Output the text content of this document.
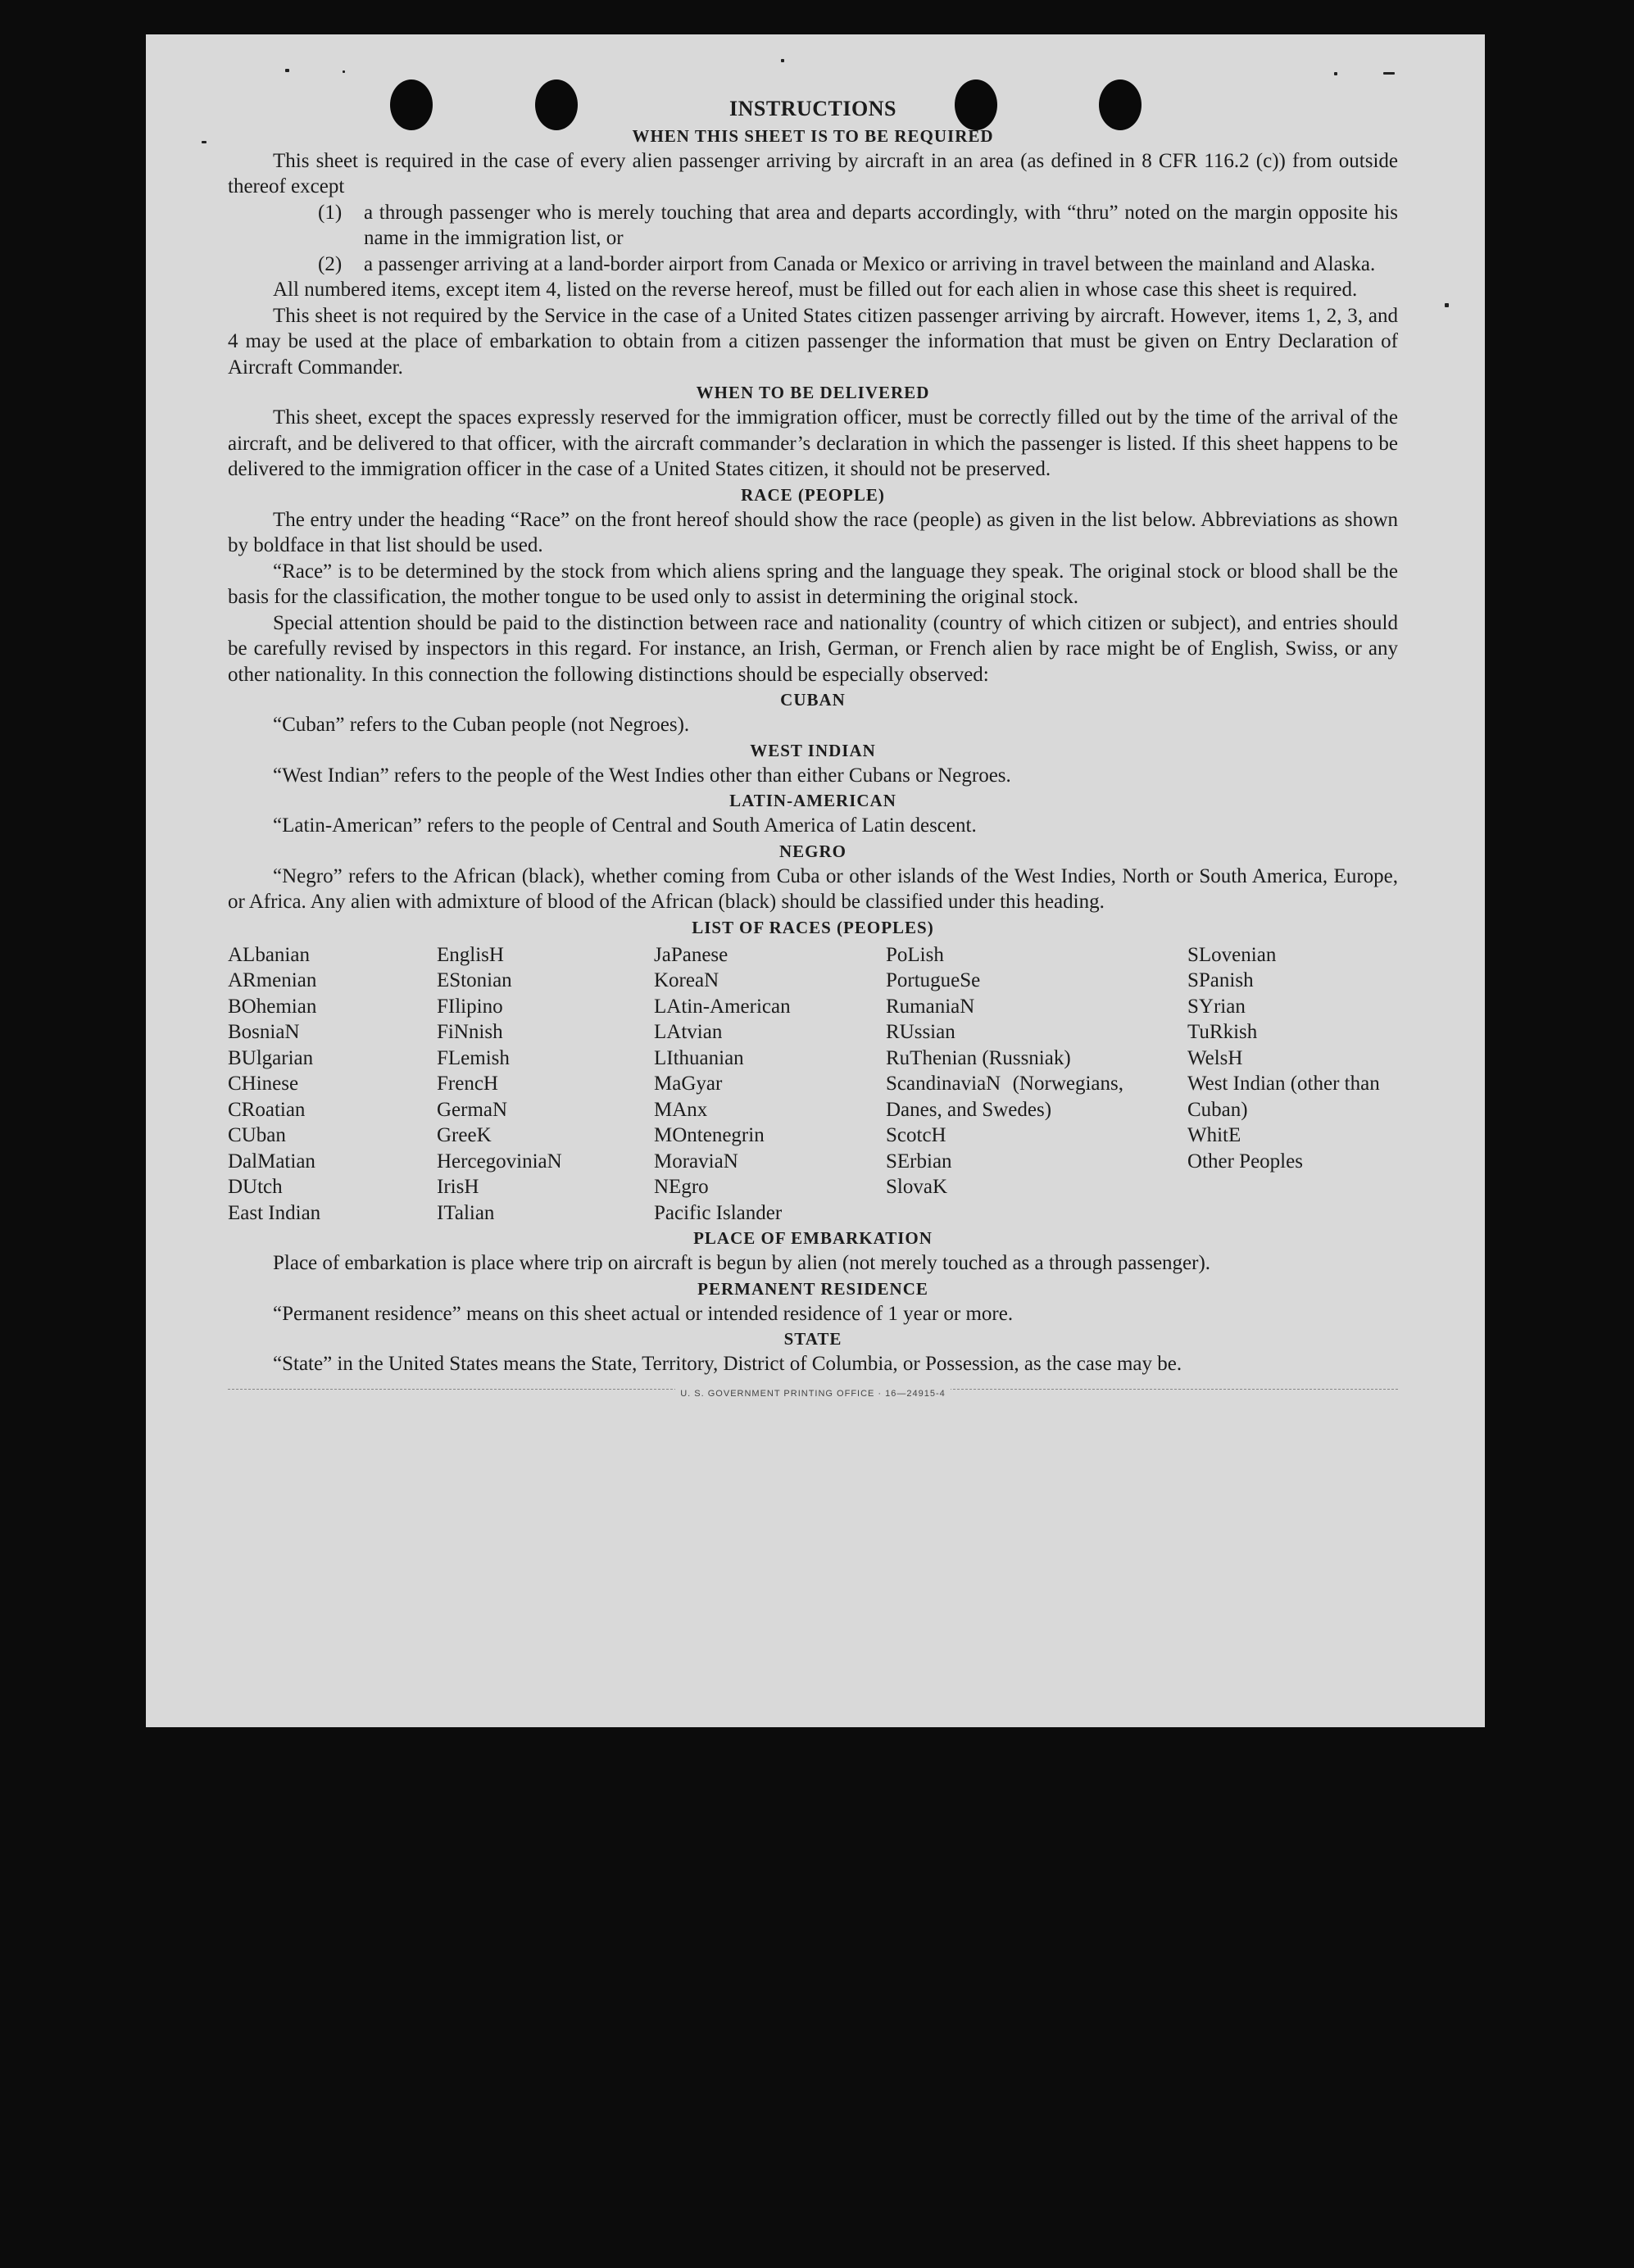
INSTRUCTIONS
WHEN THIS SHEET IS TO BE REQUIRED

This sheet is required in the case of every alien passenger arriving by aircraft in an area (as defined in 8 CFR 116.2 (c)) from outside thereof except

(1)	a through passenger who is merely touching that area and departs accordingly, with “thru” noted on the margin opposite his name in the immigration list, or
(2)	a passenger arriving at a land-border airport from Canada or Mexico or arriving in travel between the mainland and Alaska.

All numbered items, except item 4, listed on the reverse hereof, must be filled out for each alien in whose case this sheet is required.

This sheet is not required by the Service in the case of a United States citizen passenger arriving by aircraft. However, items 1, 2, 3, and 4 may be used at the place of embarkation to obtain from a citizen passenger the information that must be given on Entry Declaration of Aircraft Commander.

WHEN TO BE DELIVERED

This sheet, except the spaces expressly reserved for the immigration officer, must be correctly filled out by the time of the arrival of the aircraft, and be delivered to that officer, with the aircraft commander’s declaration in which the passenger is listed. If this sheet happens to be delivered to the immigration officer in the case of a United States citizen, it should not be preserved.

RACE (PEOPLE)

The entry under the heading “Race” on the front hereof should show the race (people) as given in the list below. Abbreviations as shown by boldface in that list should be used.

“Race” is to be determined by the stock from which aliens spring and the language they speak. The original stock or blood shall be the basis for the classification, the mother tongue to be used only to assist in determining the original stock.

Special attention should be paid to the distinction between race and nationality (country of which citizen or subject), and entries should be carefully revised by inspectors in this regard. For instance, an Irish, German, or French alien by race might be of English, Swiss, or any other nationality. In this connection the following distinctions should be especially observed:

CUBAN

“Cuban” refers to the Cuban people (not Negroes).

WEST INDIAN

“West Indian” refers to the people of the West Indies other than either Cubans or Negroes.

LATIN-AMERICAN

“Latin-American” refers to the people of Central and South America of Latin descent.

NEGRO

“Negro” refers to the African (black), whether coming from Cuba or other islands of the West Indies, North or South America, Europe, or Africa. Any alien with admixture of blood of the African (black) should be classified under this heading.

LIST OF RACES (PEOPLES)
ALbanian
ARmenian
BOhemian
BosniaN
BUlgarian
CHinese
CRoatian
CUban
DalMatian
DUtch
East Indian
EnglisH
EStonian
FIlipino
FiNnish
FLemish
FrencH
GermaN
GreeK
HercegoviniaN
IrisH
ITalian
JaPanese
KoreaN
LAtin-American
LAtvian
LIthuanian
MaGyar
MAnx
MOntenegrin
MoraviaN
NEgro
Pacific Islander
PoLish
PortugueSe
RumaniaN
RUssian
RuThenian (Russniak)
ScandinaviaN (Norwegians, Danes, and Swedes)
ScotcH
SErbian
SlovaK
SLovenian
SPanish
SYrian
TuRkish
WelsH
West Indian (other than Cuban)
WhitE
Other Peoples
PLACE OF EMBARKATION

Place of embarkation is place where trip on aircraft is begun by alien (not merely touched as a through passenger).

PERMANENT RESIDENCE

“Permanent residence” means on this sheet actual or intended residence of 1 year or more.

STATE

“State” in the United States means the State, Territory, District of Columbia, or Possession, as the case may be.

U. S. GOVERNMENT PRINTING OFFICE · 16—24915-4
